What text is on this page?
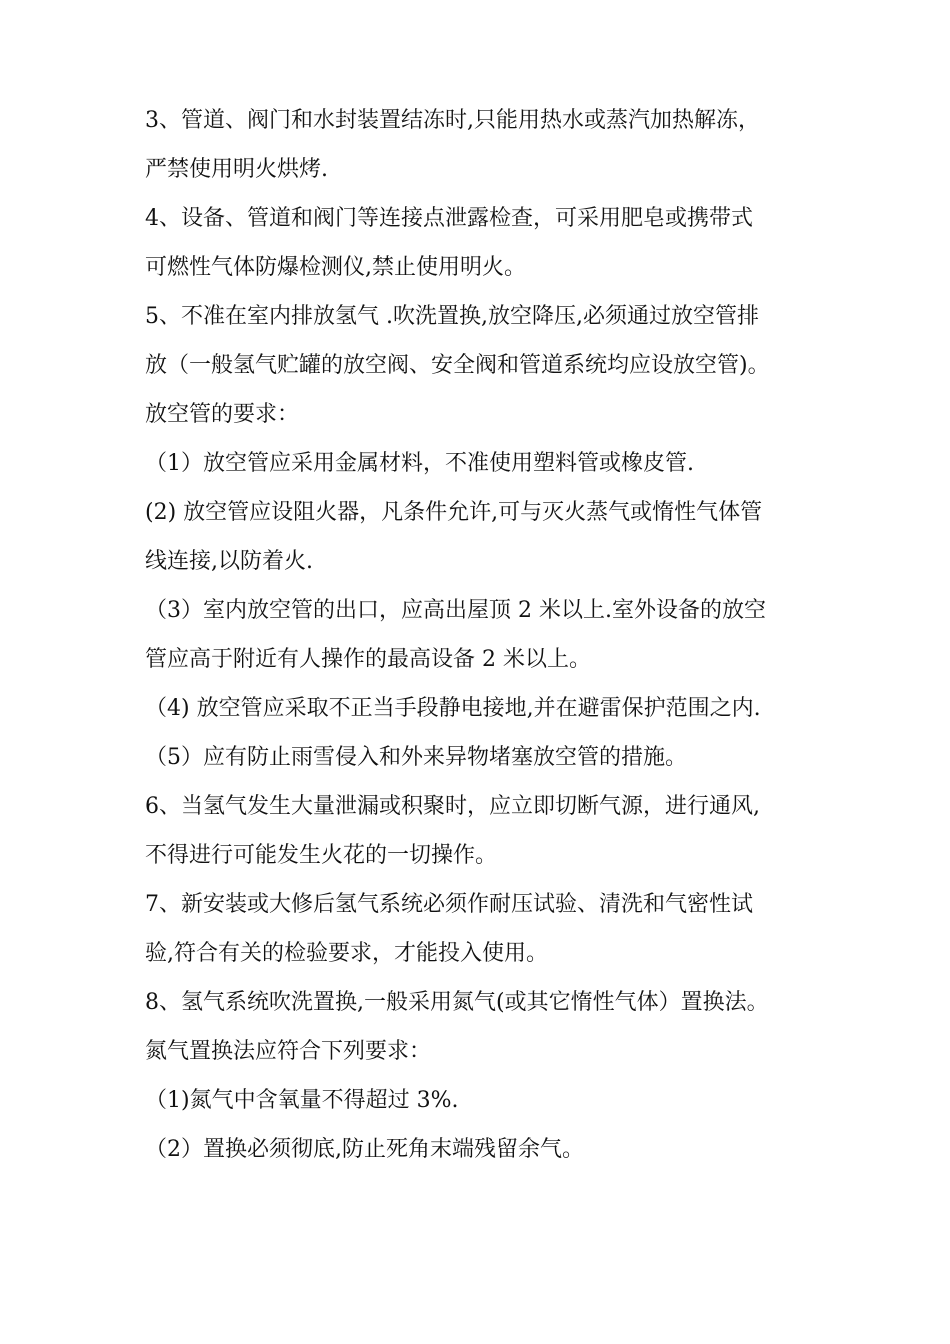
3、管道、阀门和水封装置结冻时,只能用热水或蒸汽加热解冻，
严禁使用明火烘烤.
4、设备、管道和阀门等连接点泄露检查，可采用肥皂或携带式
可燃性气体防爆检测仪,禁止使用明火。
5、不准在室内排放氢气 .吹洗置换,放空降压,必须通过放空管排
放（一般氢气贮罐的放空阀、安全阀和管道系统均应设放空管)。
放空管的要求：
（1）放空管应采用金属材料，不准使用塑料管或橡皮管.
(2) 放空管应设阻火器，凡条件允许,可与灭火蒸气或惰性气体管
线连接,以防着火.
（3）室内放空管的出口，应高出屋顶 2 米以上.室外设备的放空
管应高于附近有人操作的最高设备 2 米以上。
（4) 放空管应采取不正当手段静电接地,并在避雷保护范围之内.
（5）应有防止雨雪侵入和外来异物堵塞放空管的措施。
6、当氢气发生大量泄漏或积聚时，应立即切断气源，进行通风,
不得进行可能发生火花的一切操作。
7、新安装或大修后氢气系统必须作耐压试验、清洗和气密性试
验,符合有关的检验要求，才能投入使用。
8、氢气系统吹洗置换,一般采用氮气(或其它惰性气体）置换法。
氮气置换法应符合下列要求：
（1)氮气中含氧量不得超过 3%.
（2）置换必须彻底,防止死角末端残留余气。
